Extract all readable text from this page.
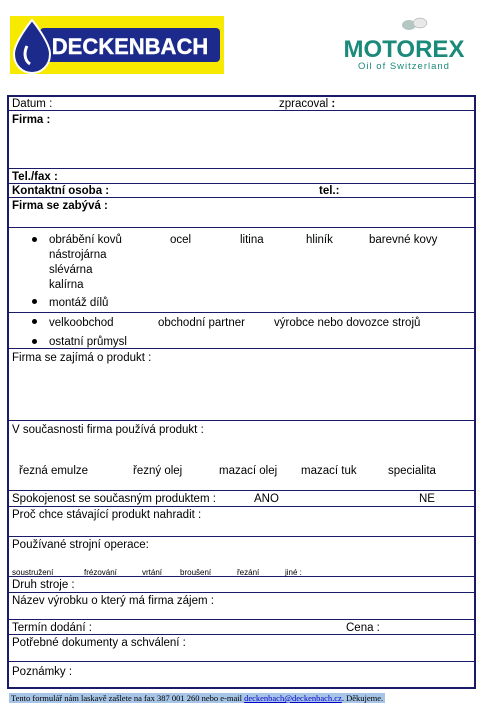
DECKENBACH	MOTOREX
Oil of Switzerland
Datum :	zpracoval :
Firma :
Tel./fax :
Kontaktní osoba :	tel.:
Firma se zabývá :
obrábění kovů	ocel	litina	hliník	barevné kovy
nástrojárna
slévárna
kalírna
montáž dílů
velkoobchod	obchodní partner	výrobce nebo dovozce strojů
ostatní průmysl
Firma se zajímá o produkt :
V současnosti firma používá produkt :
řezná emulze	řezný olej	mazací olej mazací tuk	specialita
Spokojenost se současným produktem :	ANO	NE
Proč chce stávající produkt nahradit :
Používané strojní operace:
soustružení	frézování	vrtání broušení	řezání	jiné :
Druh stroje :
Název výrobku o který má firma zájem :
Termín dodání :	Cena :
Potřebné dokumenty a schválení :
Poznámky :
Tento formulář nám laskavě zašlete na fax 387 001 260 nebo e-mail deckenbach@deckenbach.cz. Děkujeme.
